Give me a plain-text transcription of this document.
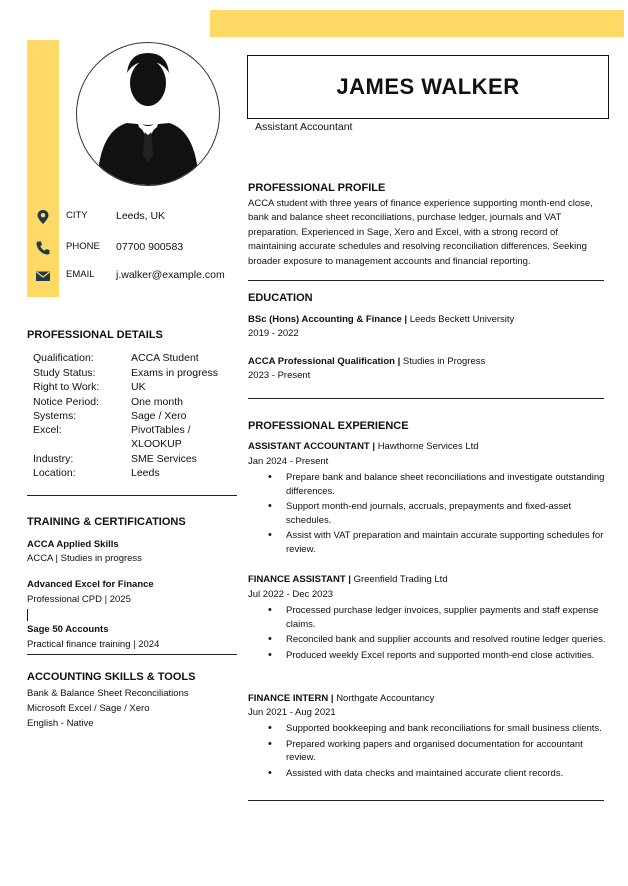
JAMES WALKER
Assistant Accountant
CITY	Leeds, UK
PHONE 07700 900583
EMAIL j.walker@example.com
PROFESSIONAL DETAILS
Qualification:	ACCA Student
Study Status:	Exams in progress
Right to Work:	UK
Notice Period:	One month
Systems:	Sage / Xero
Excel:	PivotTables / XLOOKUP
Industry:	SME Services
Location:	Leeds
TRAINING & CERTIFICATIONS
ACCA Applied Skills
ACCA | Studies in progress
Advanced Excel for Finance
Professional CPD | 2025
Sage 50 Accounts
Practical finance training | 2024
ACCOUNTING SKILLS & TOOLS
Bank & Balance Sheet Reconciliations
Microsoft Excel / Sage / Xero
English - Native
PROFESSIONAL PROFILE
ACCA student with three years of finance experience supporting month-end close,
bank and balance sheet reconciliations, purchase ledger, journals and VAT
preparation. Experienced in Sage, Xero and Excel, with a strong record of
maintaining accurate schedules and resolving reconciliation differences. Seeking
broader exposure to management accounts and financial reporting.
EDUCATION
BSc (Hons) Accounting & Finance | Leeds Beckett University
2019 - 2022
ACCA Professional Qualification | Studies in Progress
2023 - Present
PROFESSIONAL EXPERIENCE
ASSISTANT ACCOUNTANT | Hawthorne Services Ltd
Jan 2024 - Present
• Prepare bank and balance sheet reconciliations and investigate outstanding differences.
• Support month-end journals, accruals, prepayments and fixed-asset schedules.
• Assist with VAT preparation and maintain accurate supporting schedules for review.
FINANCE ASSISTANT | Greenfield Trading Ltd
Jul 2022 - Dec 2023
• Processed purchase ledger invoices, supplier payments and staff expense claims.
• Reconciled bank and supplier accounts and resolved routine ledger queries.
• Produced weekly Excel reports and supported month-end close activities.
FINANCE INTERN | Northgate Accountancy
Jun 2021 - Aug 2021
• Supported bookkeeping and bank reconciliations for small business clients.
• Prepared working papers and organised documentation for accountant review.
• Assisted with data checks and maintained accurate client records.
